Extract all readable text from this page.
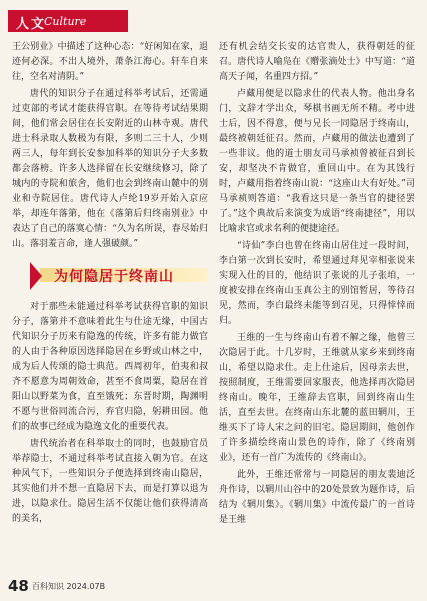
人文
Culture

王公别业》中描述了这种心态：“好闲知在家，退迹何必深。不出人境外，萧条江海心。轩车自来往，空名对清阴。”

唐代的知识分子在通过科举考试后，还需通过吏部的考试才能获得官职。在等待考试结果期间，他们常会居住在长安附近的山林寺观。唐代进士科录取人数极为有限，多则二三十人，少则两三人，每年到长安参加科举的知识分子大多数都会落榜。许多人选择留在长安继续修习，除了城内的寺院和旅舍，他们也会到终南山麓中的别业和寺院居住。唐代诗人卢纶19岁开始入京应举，却连年落第，他在《落第后归终南别业》中表达了自己的落寞心情：“久为名所误，春尽始归山。落羽羞言命，逢人强破颜。”

为何隐居于终南山

对于那些未能通过科举考试获得官职的知识分子，落第并不意味着此生与仕途无缘，中国古代知识分子历来有隐逸的传统，许多有能力做官的人由于各种原因选择隐居在乡野或山林之中，成为后人传颂的隐士典范。西周初年，伯夷和叔齐不愿意为周朝效命，甚至不食周粟，隐居在首阳山以野菜为食，直至饿死；东晋时期，陶渊明不愿与世俗同流合污，弃官归隐，躬耕田园。他们的故事已经成为隐逸文化的重要代表。

唐代统治者在科举取士的同时，也鼓励官员举荐隐士，不通过科举考试直接入朝为官。在这种风气下，一些知识分子便选择到终南山隐居，其实他们并不想一直隐居下去，而是打算以退为进，以隐求仕。隐居生活不仅能让他们获得清高的美名，

还有机会结交长安的达官贵人，获得朝廷的征召。唐代诗人喻凫在《赠张滴处士》中写道：“道高天子闻，名重四方招。”

卢藏用便是以隐求仕的代表人物。他出身名门，文辞才学出众，琴棋书画无所不精。考中进士后，因不得意，便与兄长一同隐居于终南山，最终被朝廷征召。然而，卢藏用的做法也遭到了一些非议。他的道士朋友司马承祯曾被征召到长安，却坚决不肯做官，重回山中。在为其饯行时，卢藏用指着终南山说：“这座山大有好处。”司马承祯则答道：“我看这只是一条当官的捷径罢了。”这个典故后来演变为成语“终南捷径”，用以比喻求官或求名利的便捷途径。

“诗仙”李白也曾在终南山居住过一段时间，李白第一次到长安时，希望通过拜见宰相张说来实现入仕的目的，他结识了张说的儿子张垍，一度被安排在终南山玉真公主的别馆暂居，等待召见，然而，李白最终未能等到召见，只得悻悻而归。

王维的一生与终南山有着不解之缘，他曾三次隐居于此。十几岁时，王维就从家乡来到终南山，希望以隐求仕。走上仕途后，因母亲去世，按照制度，王维需要回家服丧，他选择再次隐居终南山。晚年，王维辞去官职，回到终南山生活，直至去世。在终南山东北麓的蓝田辋川，王维买下了诗人宋之问的旧宅。隐居期间，他创作了许多描绘终南山景色的诗作，除了《终南别业》，还有一首广为流传的《终南山》。

此外，王维还常常与一同隐居的朋友裴迪泛舟作诗，以辋川山谷中的20处景致为题作诗，后结为《辋川集》。《辋川集》中流传最广的一首诗是王维

48 百科知识 2024.07B
